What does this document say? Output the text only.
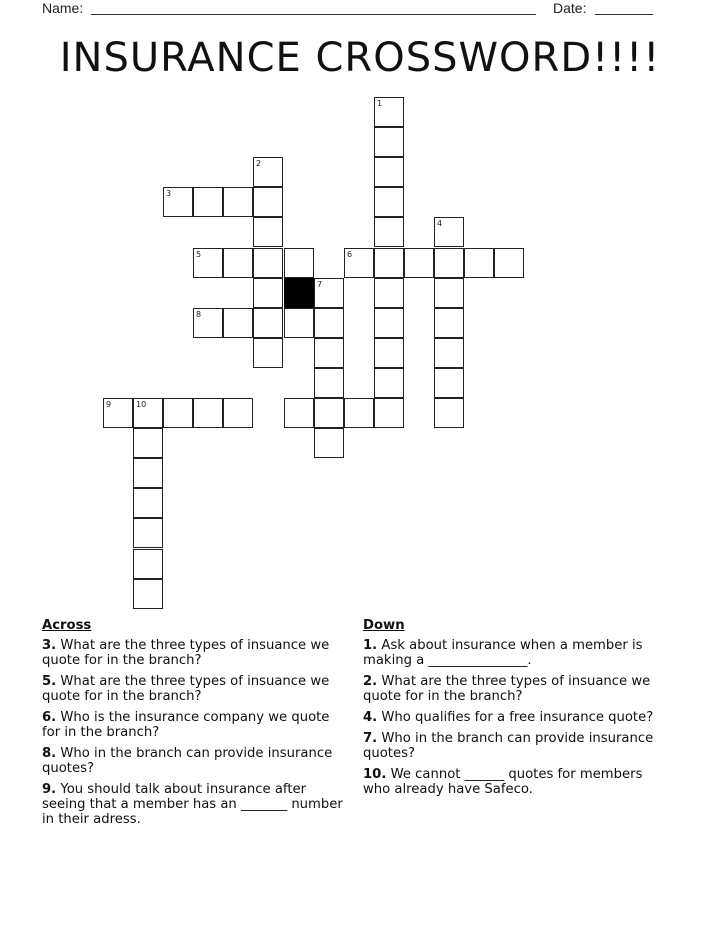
Name:	Date:
INSURANCE CROSSWORD!!!!
1
2
3
4
5	6
7
8
9	10
Across
3. What are the three types of insuance we quote for in the branch?
5. What are the three types of insuance we quote for in the branch?
6. Who is the insurance company we quote for in the branch?
8. Who in the branch can provide insurance quotes?
9. You should talk about insurance after seeing that a member has an _______ number in their adress.
Down
1. Ask about insurance when a member is making a _______________.
2. What are the three types of insuance we quote for in the branch?
4. Who qualifies for a free insurance quote?
7. Who in the branch can provide insurance quotes?
10. We cannot ______ quotes for members who already have Safeco.
